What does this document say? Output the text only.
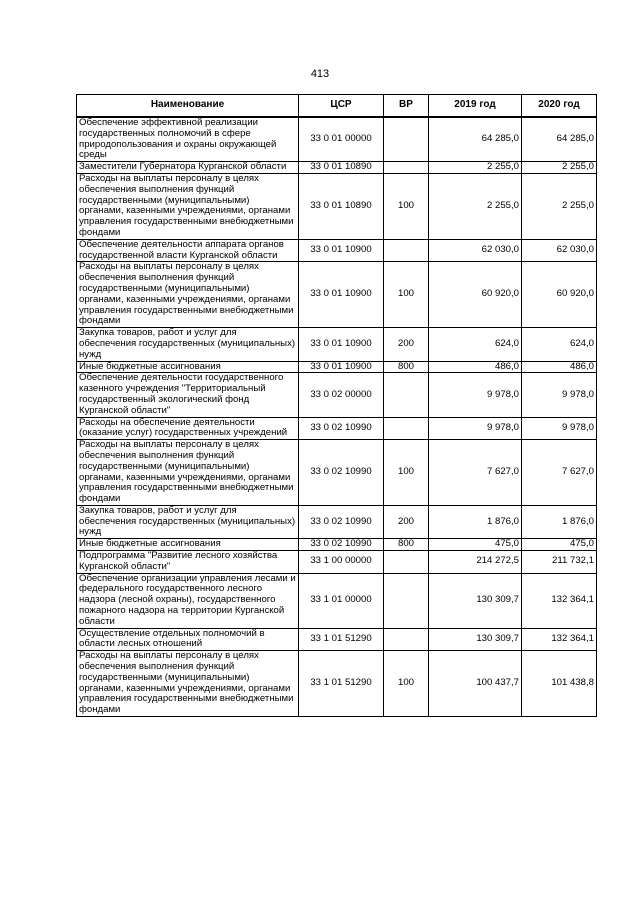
413
Наименование	ЦСР	ВР	2019 год	2020 год
Обеспечение эффективной реализации государственных полномочий в сфере природопользования и охраны окружающей среды	33 0 01 00000		64 285,0	64 285,0
Заместители Губернатора Курганской области	33 0 01 10890		2 255,0	2 255,0
Расходы на выплаты персоналу в целях обеспечения выполнения функций государственными (муниципальными) органами, казенными учреждениями, органами управления государственными внебюджетными фондами	33 0 01 10890	100	2 255,0	2 255,0
Обеспечение деятельности аппарата органов государственной власти Курганской области	33 0 01 10900		62 030,0	62 030,0
Расходы на выплаты персоналу в целях обеспечения выполнения функций государственными (муниципальными) органами, казенными учреждениями, органами управления государственными внебюджетными фондами	33 0 01 10900	100	60 920,0	60 920,0
Закупка товаров, работ и услуг для обеспечения государственных (муниципальных) нужд	33 0 01 10900	200	624,0	624,0
Иные бюджетные ассигнования	33 0 01 10900	800	486,0	486,0
Обеспечение деятельности государственного казенного учреждения "Территориальный государственный экологический фонд Курганской области"	33 0 02 00000		9 978,0	9 978,0
Расходы на обеспечение деятельности (оказание услуг) государственных учреждений	33 0 02 10990		9 978,0	9 978,0
Расходы на выплаты персоналу в целях обеспечения выполнения функций государственными (муниципальными) органами, казенными учреждениями, органами управления государственными внебюджетными фондами	33 0 02 10990	100	7 627,0	7 627,0
Закупка товаров, работ и услуг для обеспечения государственных (муниципальных) нужд	33 0 02 10990	200	1 876,0	1 876,0
Иные бюджетные ассигнования	33 0 02 10990	800	475,0	475,0
Подпрограмма "Развитие лесного хозяйства Курганской области"	33 1 00 00000		214 272,5	211 732,1
Обеспечение организации управления лесами и федерального государственного лесного надзора (лесной охраны), государственного пожарного надзора на территории Курганской области	33 1 01 00000		130 309,7	132 364,1
Осуществление отдельных полномочий в области лесных отношений	33 1 01 51290		130 309,7	132 364,1
Расходы на выплаты персоналу в целях обеспечения выполнения функций государственными (муниципальными) органами, казенными учреждениями, органами управления государственными внебюджетными фондами	33 1 01 51290	100	100 437,7	101 438,8
